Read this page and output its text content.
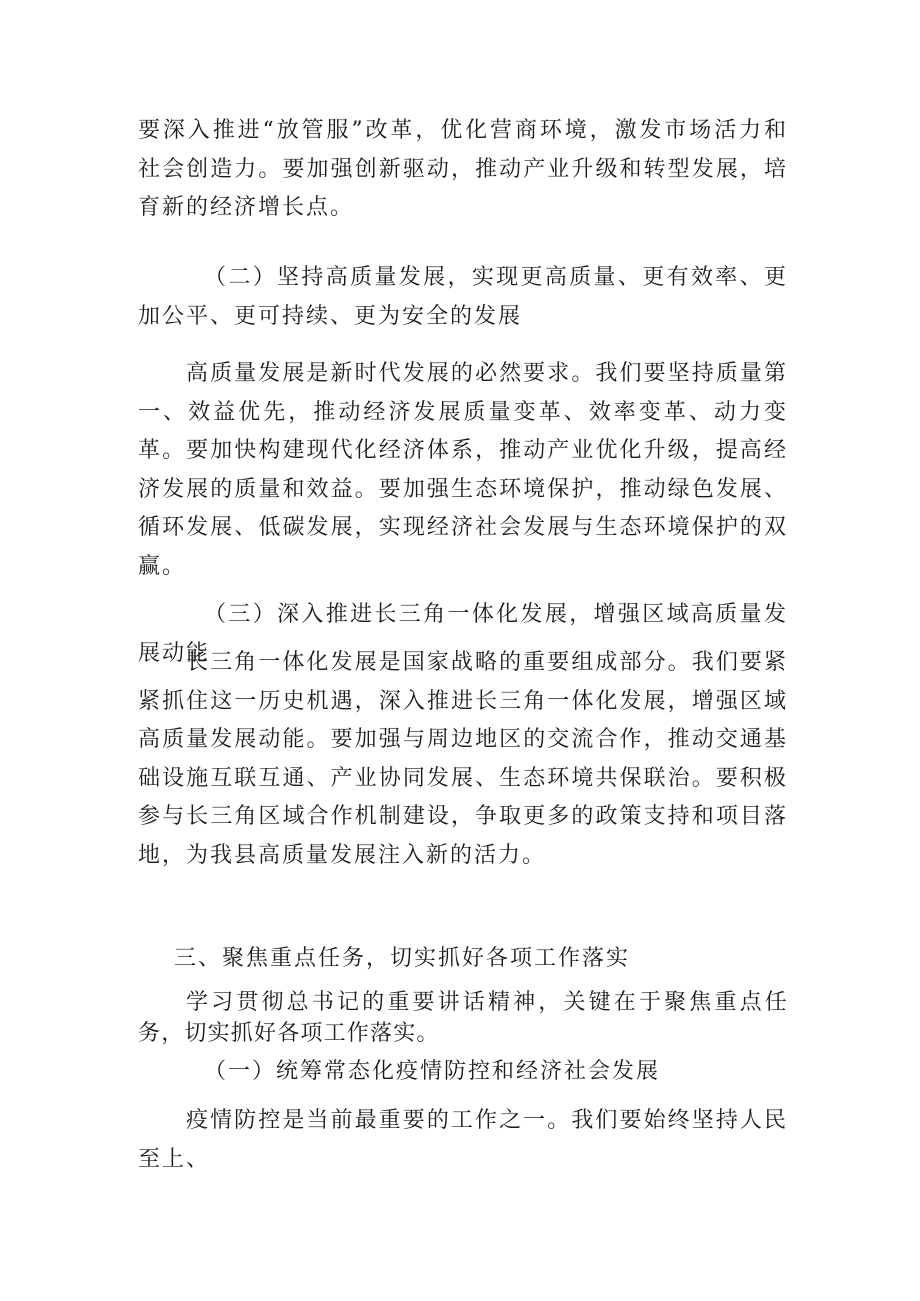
要深入推进“放管服”改革，优化营商环境，激发市场活力和社会创造力。要加强创新驱动，推动产业升级和转型发展，培育新的经济增长点。

（二）坚持高质量发展，实现更高质量、更有效率、更加公平、更可持续、更为安全的发展

高质量发展是新时代发展的必然要求。我们要坚持质量第一、效益优先，推动经济发展质量变革、效率变革、动力变革。要加快构建现代化经济体系，推动产业优化升级，提高经济发展的质量和效益。要加强生态环境保护，推动绿色发展、循环发展、低碳发展，实现经济社会发展与生态环境保护的双赢。

（三）深入推进长三角一体化发展，增强区域高质量发展动能

长三角一体化发展是国家战略的重要组成部分。我们要紧紧抓住这一历史机遇，深入推进长三角一体化发展，增强区域高质量发展动能。要加强与周边地区的交流合作，推动交通基础设施互联互通、产业协同发展、生态环境共保联治。要积极参与长三角区域合作机制建设，争取更多的政策支持和项目落地，为我县高质量发展注入新的活力。

三、聚焦重点任务，切实抓好各项工作落实

学习贯彻总书记的重要讲话精神，关键在于聚焦重点任务，切实抓好各项工作落实。

（一）统筹常态化疫情防控和经济社会发展

疫情防控是当前最重要的工作之一。我们要始终坚持人民至上、
